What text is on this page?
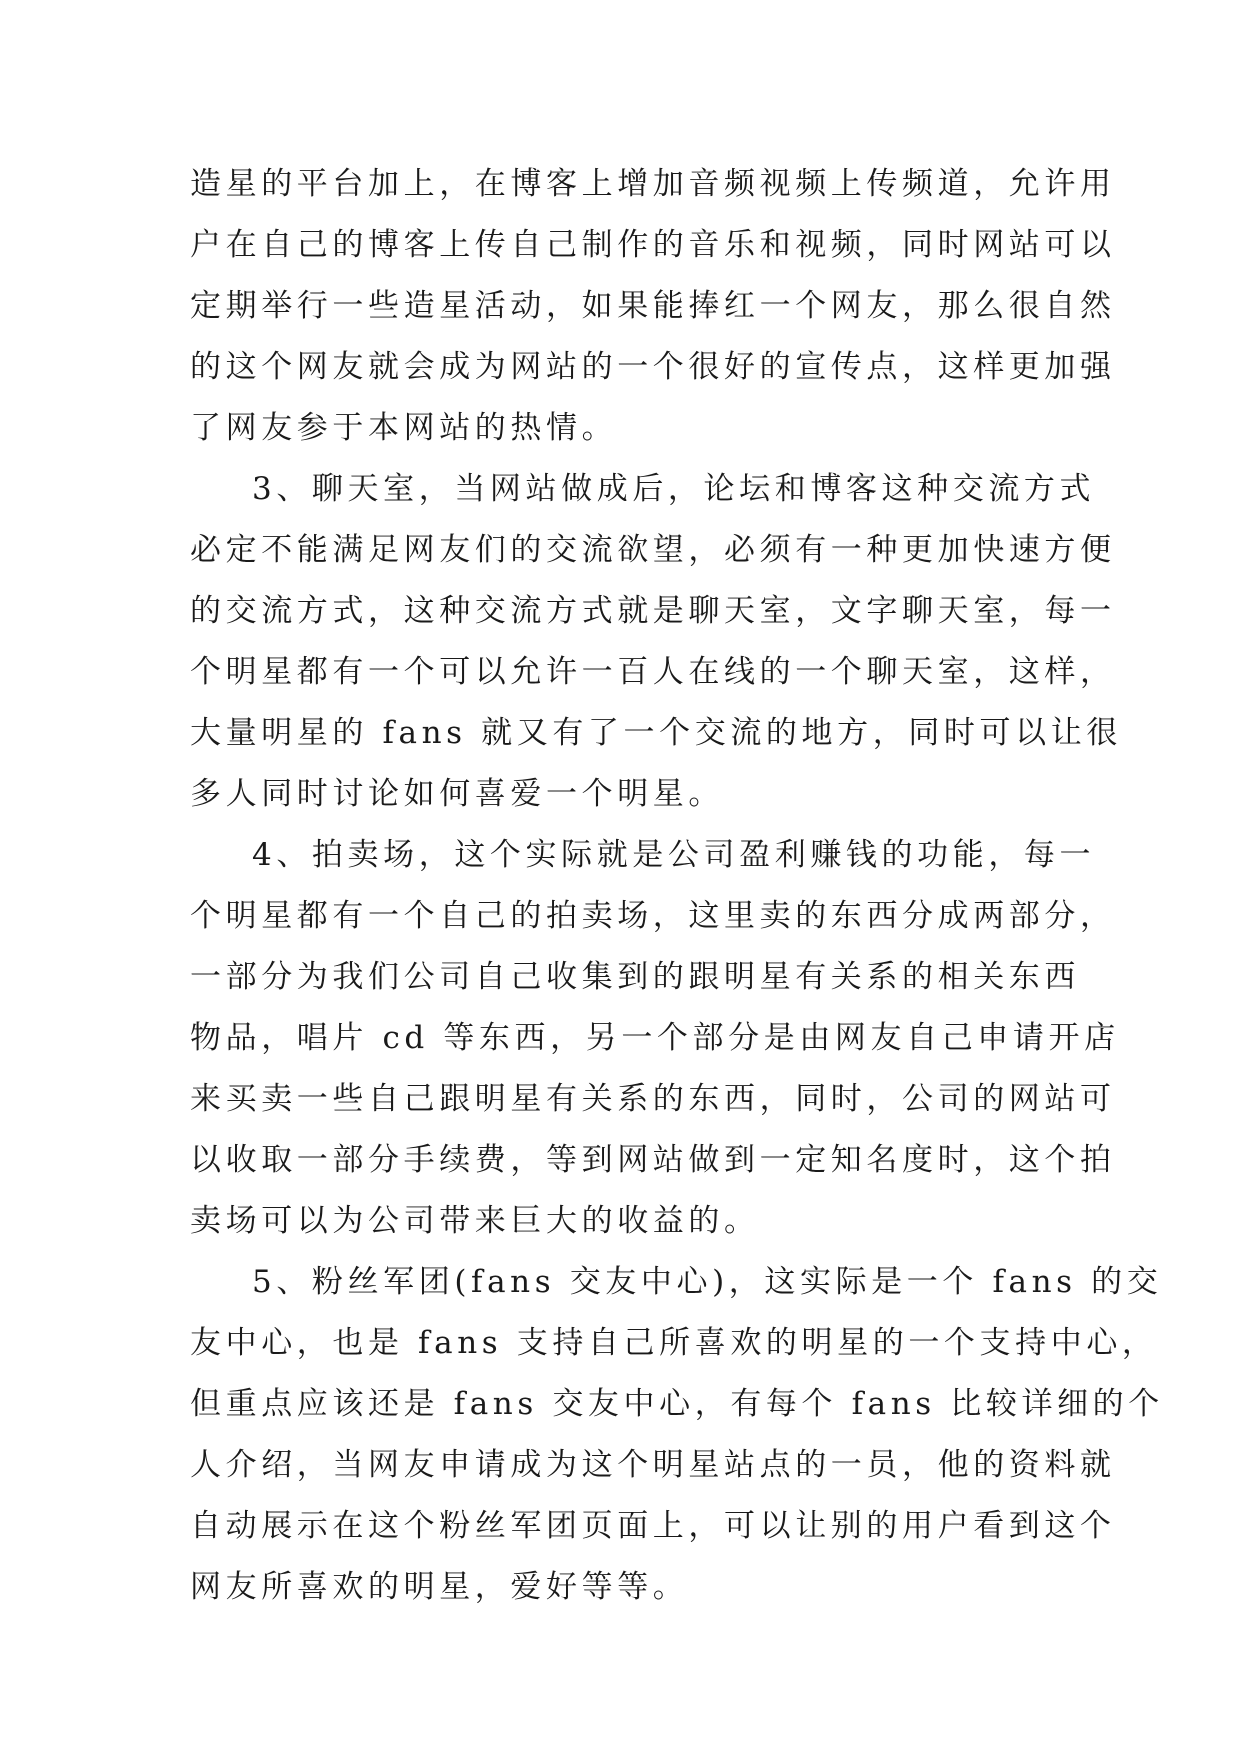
造星的平台加上，在博客上增加音频视频上传频道，允许用
户在自己的博客上传自己制作的音乐和视频，同时网站可以
定期举行一些造星活动，如果能捧红一个网友，那么很自然
的这个网友就会成为网站的一个很好的宣传点，这样更加强
了网友参于本网站的热情。
3、聊天室，当网站做成后，论坛和博客这种交流方式
必定不能满足网友们的交流欲望，必须有一种更加快速方便
的交流方式，这种交流方式就是聊天室，文字聊天室，每一
个明星都有一个可以允许一百人在线的一个聊天室，这样，
大量明星的 fans 就又有了一个交流的地方，同时可以让很
多人同时讨论如何喜爱一个明星。
4、拍卖场，这个实际就是公司盈利赚钱的功能，每一
个明星都有一个自己的拍卖场，这里卖的东西分成两部分，
一部分为我们公司自己收集到的跟明星有关系的相关东西
物品，唱片 cd 等东西，另一个部分是由网友自己申请开店
来买卖一些自己跟明星有关系的东西，同时，公司的网站可
以收取一部分手续费，等到网站做到一定知名度时，这个拍
卖场可以为公司带来巨大的收益的。
5、粉丝军团(fans 交友中心)，这实际是一个 fans 的交
友中心，也是 fans 支持自己所喜欢的明星的一个支持中心，
但重点应该还是 fans 交友中心，有每个 fans 比较详细的个
人介绍，当网友申请成为这个明星站点的一员，他的资料就
自动展示在这个粉丝军团页面上，可以让别的用户看到这个
网友所喜欢的明星，爱好等等。
